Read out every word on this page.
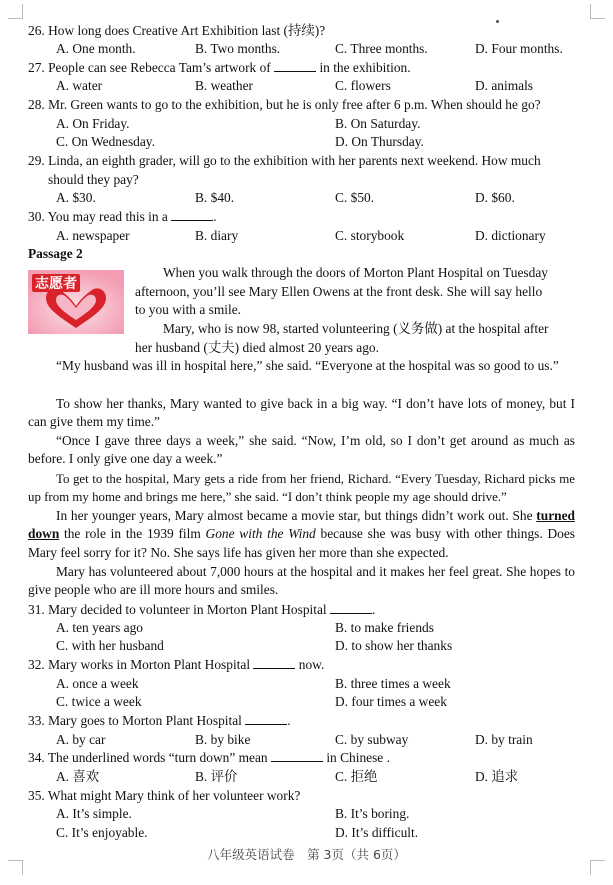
26. How long does Creative Art Exhibition last (持续)?
A. One month.	B. Two months.	C. Three months.	D. Four months.
27. People can see Rebecca Tam’s artwork of	in the exhibition.
A. water	B. weather	C. flowers	D. animals
28. Mr. Green wants to go to the exhibition, but he is only free after 6 p.m. When should he go?
A. On Friday.	B. On Saturday.
C. On Wednesday.	D. On Thursday.
29. Linda, an eighth grader, will go to the exhibition with her parents next weekend. How much
should they pay?
A. $30.	B. $40.	C. $50.	D. $60.
30. You may read this in a	.
A. newspaper	B. diary	C. storybook	D. dictionary
Passage 2
志愿者
When you walk through the doors of Morton Plant Hospital on Tuesday
afternoon, you’ll see Mary Ellen Owens at the front desk. She will say hello
to you with a smile.
Mary, who is now 98, started volunteering (义务做) at the hospital after
her husband (丈夫) died almost 20 years ago.
“My husband was ill in hospital here,” she said. “Everyone at the hospital was so good to us.”
To show her thanks, Mary wanted to give back in a big way. “I don’t have lots of money, but I can give them my time.”
“Once I gave three days a week,” she said. “Now, I’m old, so I don’t get around as much as before. I only give one day a week.”
To get to the hospital, Mary gets a ride from her friend, Richard. “Every Tuesday, Richard picks me up from my home and brings me here,” she said. “I don’t think people my age should drive.”
In her younger years, Mary almost became a movie star, but things didn’t work out. She turned down the role in the 1939 film Gone with the Wind because she was busy with other things. Does Mary feel sorry for it? No. She says life has given her more than she expected.
Mary has volunteered about 7,000 hours at the hospital and it makes her feel great. She hopes to give people who are ill more hours and smiles.
31. Mary decided to volunteer in Morton Plant Hospital	.
A. ten years ago	B. to make friends
C. with her husband	D. to show her thanks
32. Mary works in Morton Plant Hospital	now.
A. once a week	B. three times a week
C. twice a week	D. four times a week
33. Mary goes to Morton Plant Hospital	.
A. by car	B. by bike	C. by subway	D. by train
34. The underlined words “turn down” mean	in Chinese .
A. 喜欢	B. 评价	C. 拒绝	D. 追求
35. What might Mary think of her volunteer work?
A. It’s simple.	B. It’s boring.
C. It’s enjoyable.	D. It’s difficult.
八年级英语试卷　第 3页（共 6页）
